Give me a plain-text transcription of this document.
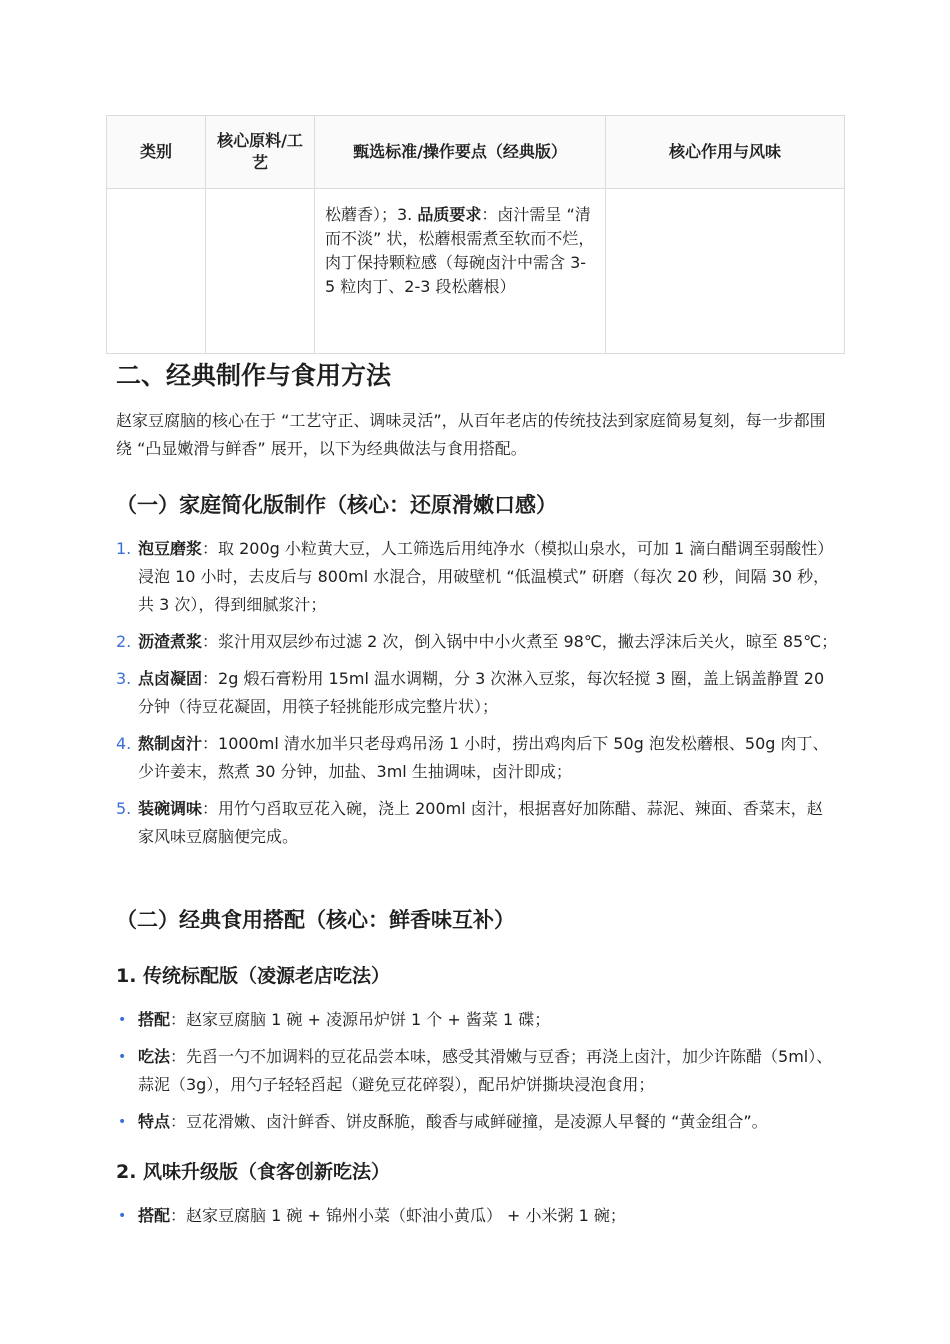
类别	核心原料/工艺	甄选标准/操作要点（经典版）	核心作用与风味
		松蘑香）；3. 品质要求：卤汁需呈 “清而不淡” 状，松蘑根需煮至软而不烂，肉丁保持颗粒感（每碗卤汁中需含 3-5 粒肉丁、2-3 段松蘑根）	
二、经典制作与食用方法

赵家豆腐脑的核心在于 “工艺守正、调味灵活”，从百年老店的传统技法到家庭简易复刻，每一步都围绕 “凸显嫩滑与鲜香” 展开，以下为经典做法与食用搭配。

（一）家庭简化版制作（核心：还原滑嫩口感）
1. 泡豆磨浆：取 200g 小粒黄大豆，人工筛选后用纯净水（模拟山泉水，可加 1 滴白醋调至弱酸性）浸泡 10 小时，去皮后与 800ml 水混合，用破壁机 “低温模式” 研磨（每次 20 秒，间隔 30 秒，共 3 次），得到细腻浆汁；
2. 沥渣煮浆：浆汁用双层纱布过滤 2 次，倒入锅中中小火煮至 98℃，撇去浮沫后关火，晾至 85℃；
3. 点卤凝固：2g 煅石膏粉用 15ml 温水调糊，分 3 次淋入豆浆，每次轻搅 3 圈，盖上锅盖静置 20 分钟（待豆花凝固，用筷子轻挑能形成完整片状）；
4. 熬制卤汁：1000ml 清水加半只老母鸡吊汤 1 小时，捞出鸡肉后下 50g 泡发松蘑根、50g 肉丁、少许姜末，熬煮 30 分钟，加盐、3ml 生抽调味，卤汁即成；
5. 装碗调味：用竹勺舀取豆花入碗，浇上 200ml 卤汁，根据喜好加陈醋、蒜泥、辣面、香菜末，赵家风味豆腐脑便完成。
（二）经典食用搭配（核心：鲜香味互补）
1. 传统标配版（凌源老店吃法）
• 搭配：赵家豆腐脑 1 碗 + 凌源吊炉饼 1 个 + 酱菜 1 碟；
• 吃法：先舀一勺不加调料的豆花品尝本味，感受其滑嫩与豆香；再浇上卤汁，加少许陈醋（5ml）、蒜泥（3g），用勺子轻轻舀起（避免豆花碎裂），配吊炉饼撕块浸泡食用；
• 特点：豆花滑嫩、卤汁鲜香、饼皮酥脆，酸香与咸鲜碰撞，是凌源人早餐的 “黄金组合”。
2. 风味升级版（食客创新吃法）
• 搭配：赵家豆腐脑 1 碗 + 锦州小菜（虾油小黄瓜） + 小米粥 1 碗；
